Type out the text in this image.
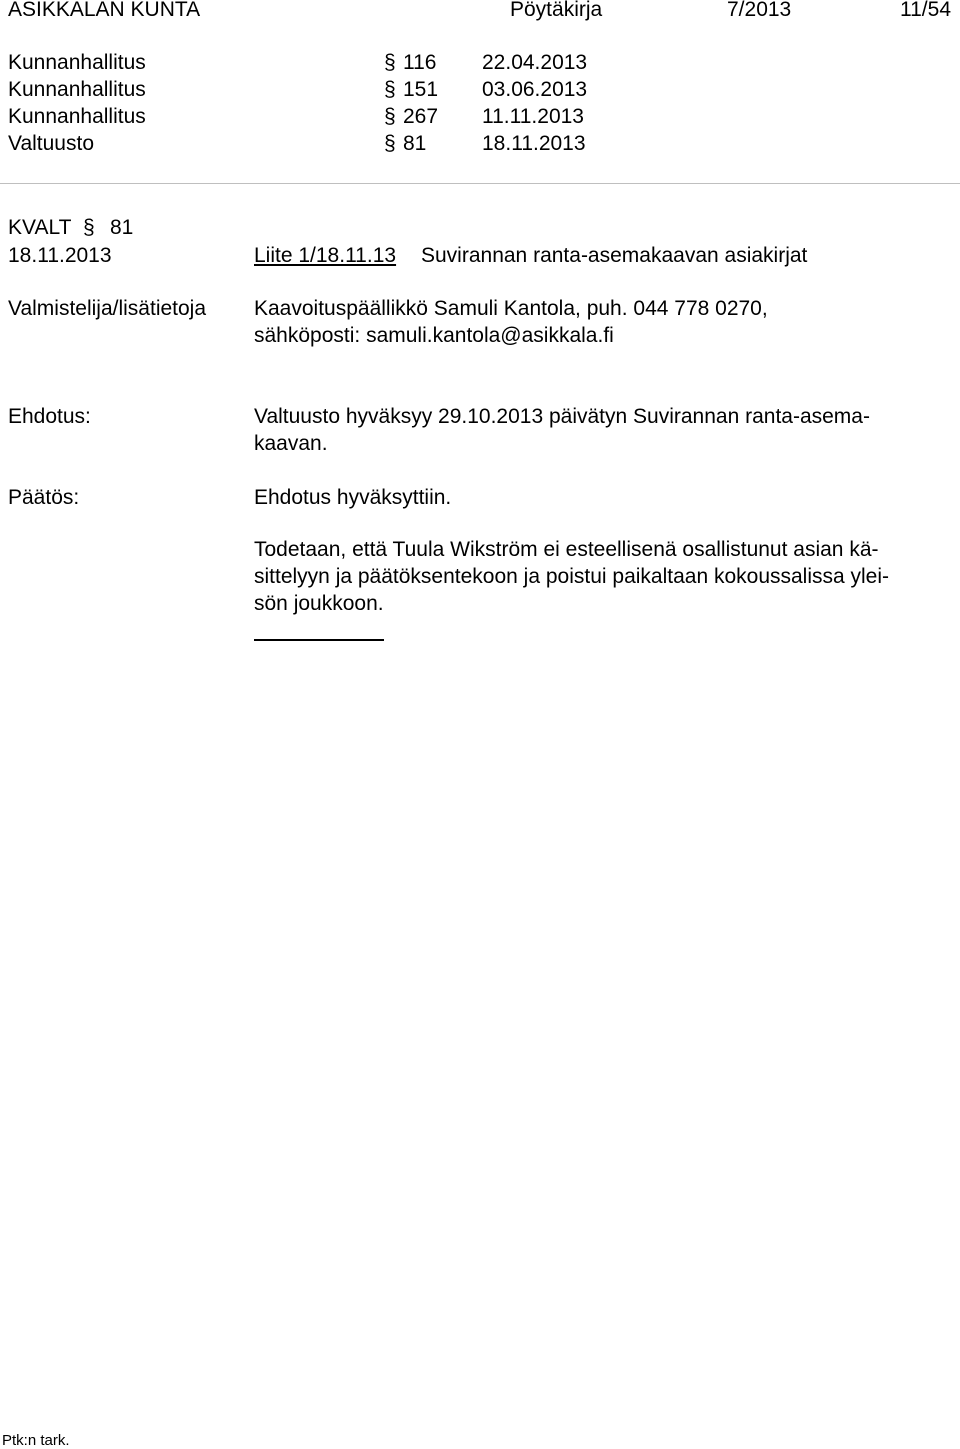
ASIKKALAN KUNTA	Pöytäkirja	7/2013	11/54
Kunnanhallitus	§ 116 22.04.2013
Kunnanhallitus	§ 151 03.06.2013
Kunnanhallitus	§ 267 11.11.2013
Valtuusto	§ 81	18.11.2013
KVALT § 81
18.11.2013	Liite 1/18.11.13 Suvirannan ranta-asemakaavan asiakirjat
Valmistelija/lisätietoja Kaavoituspäällikkö Samuli Kantola, puh. 044 778 0270,
sähköposti: samuli.kantola@asikkala.fi
Ehdotus:	Valtuusto hyväksyy 29.10.2013 päivätyn Suvirannan ranta-asema-
kaavan.
Päätös:	Ehdotus hyväksyttiin.
Todetaan, että Tuula Wikström ei esteellisenä osallistunut asian kä-
sittelyyn ja päätöksentekoon ja poistui paikaltaan kokoussalissa ylei-
sön joukkoon.
Ptk:n tark.
